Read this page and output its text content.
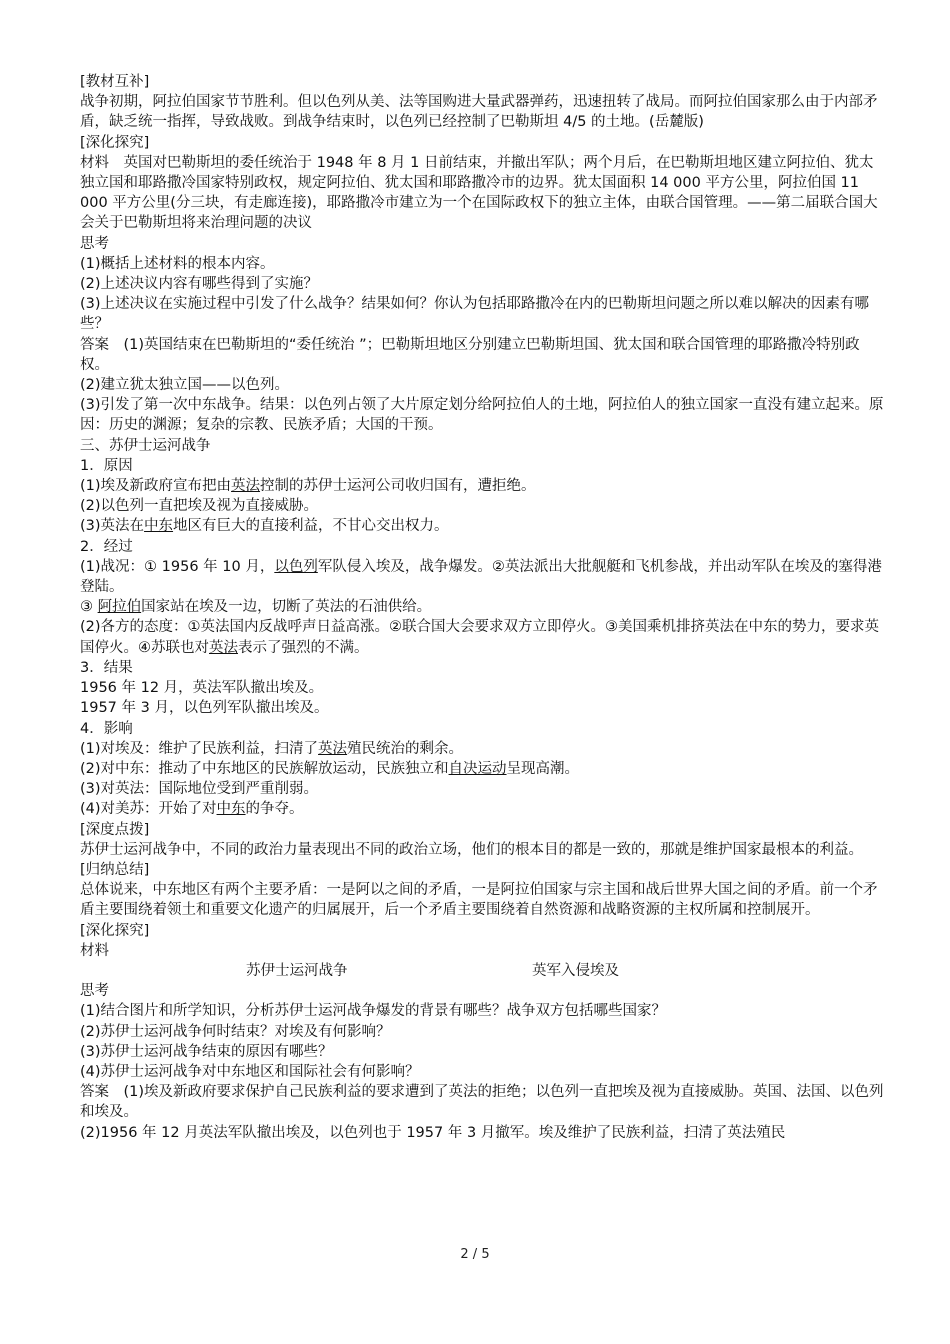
[教材互补]

战争初期，阿拉伯国家节节胜利。但以色列从美、法等国购进大量武器弹药，迅速扭转了战局。而阿拉伯国家那么由于内部矛盾，缺乏统一指挥，导致战败。到战争结束时，以色列已经控制了巴勒斯坦 4/5 的土地。(岳麓版)

[深化探究]

材料　英国对巴勒斯坦的委任统治于 1948 年 8 月 1 日前结束，并撤出军队；两个月后，在巴勒斯坦地区建立阿拉伯、犹太独立国和耶路撒冷国家特别政权，规定阿拉伯、犹太国和耶路撒冷市的边界。犹太国面积 14 000 平方公里，阿拉伯国 11 000 平方公里(分三块，有走廊连接)，耶路撒冷市建立为一个在国际政权下的独立主体，由联合国管理。——第二届联合国大会关于巴勒斯坦将来治理问题的决议

思考

(1)概括上述材料的根本内容。

(2)上述决议内容有哪些得到了实施？

(3)上述决议在实施过程中引发了什么战争？结果如何？你认为包括耶路撒冷在内的巴勒斯坦问题之所以难以解决的因素有哪些？

答案　(1)英国结束在巴勒斯坦的“委任统治 ”；巴勒斯坦地区分别建立巴勒斯坦国、犹太国和联合国管理的耶路撒冷特别政权。

(2)建立犹太独立国——以色列。

(3)引发了第一次中东战争。结果：以色列占领了大片原定划分给阿拉伯人的土地，阿拉伯人的独立国家一直没有建立起来。原因：历史的渊源；复杂的宗教、民族矛盾；大国的干预。

三、苏伊士运河战争

1．原因

(1)埃及新政府宣布把由英法控制的苏伊士运河公司收归国有，遭拒绝。

(2)以色列一直把埃及视为直接威胁。

(3)英法在中东地区有巨大的直接利益，不甘心交出权力。

2．经过

(1)战况：① 1956 年 10 月，以色列军队侵入埃及，战争爆发。②英法派出大批舰艇和飞机参战，并出动军队在埃及的塞得港登陆。

③ 阿拉伯国家站在埃及一边，切断了英法的石油供给。

(2)各方的态度：①英法国内反战呼声日益高涨。②联合国大会要求双方立即停火。③美国乘机排挤英法在中东的势力，要求英国停火。④苏联也对英法表示了强烈的不满。

3．结果

1956 年 12 月，英法军队撤出埃及。

1957 年 3 月，以色列军队撤出埃及。

4．影响

(1)对埃及：维护了民族利益，扫清了英法殖民统治的剩余。

(2)对中东：推动了中东地区的民族解放运动，民族独立和自决运动呈现高潮。

(3)对英法：国际地位受到严重削弱。

(4)对美苏：开始了对中东的争夺。

[深度点拨]

苏伊士运河战争中，不同的政治力量表现出不同的政治立场，他们的根本目的都是一致的，那就是维护国家最根本的利益。

[归纳总结]

总体说来，中东地区有两个主要矛盾：一是阿以之间的矛盾，一是阿拉伯国家与宗主国和战后世界大国之间的矛盾。前一个矛盾主要围绕着领土和重要文化遗产的归属展开，后一个矛盾主要围绕着自然资源和战略资源的主权所属和控制展开。

[深化探究]

材料

苏伊士运河战争	英军入侵埃及

思考

(1)结合图片和所学知识，分析苏伊士运河战争爆发的背景有哪些？战争双方包括哪些国家？

(2)苏伊士运河战争何时结束？对埃及有何影响？

(3)苏伊士运河战争结束的原因有哪些？

(4)苏伊士运河战争对中东地区和国际社会有何影响？

答案　(1)埃及新政府要求保护自己民族利益的要求遭到了英法的拒绝；以色列一直把埃及视为直接威胁。英国、法国、以色列和埃及。

(2)1956 年 12 月英法军队撤出埃及，以色列也于 1957 年 3 月撤军。埃及维护了民族利益，扫清了英法殖民

2 / 5
